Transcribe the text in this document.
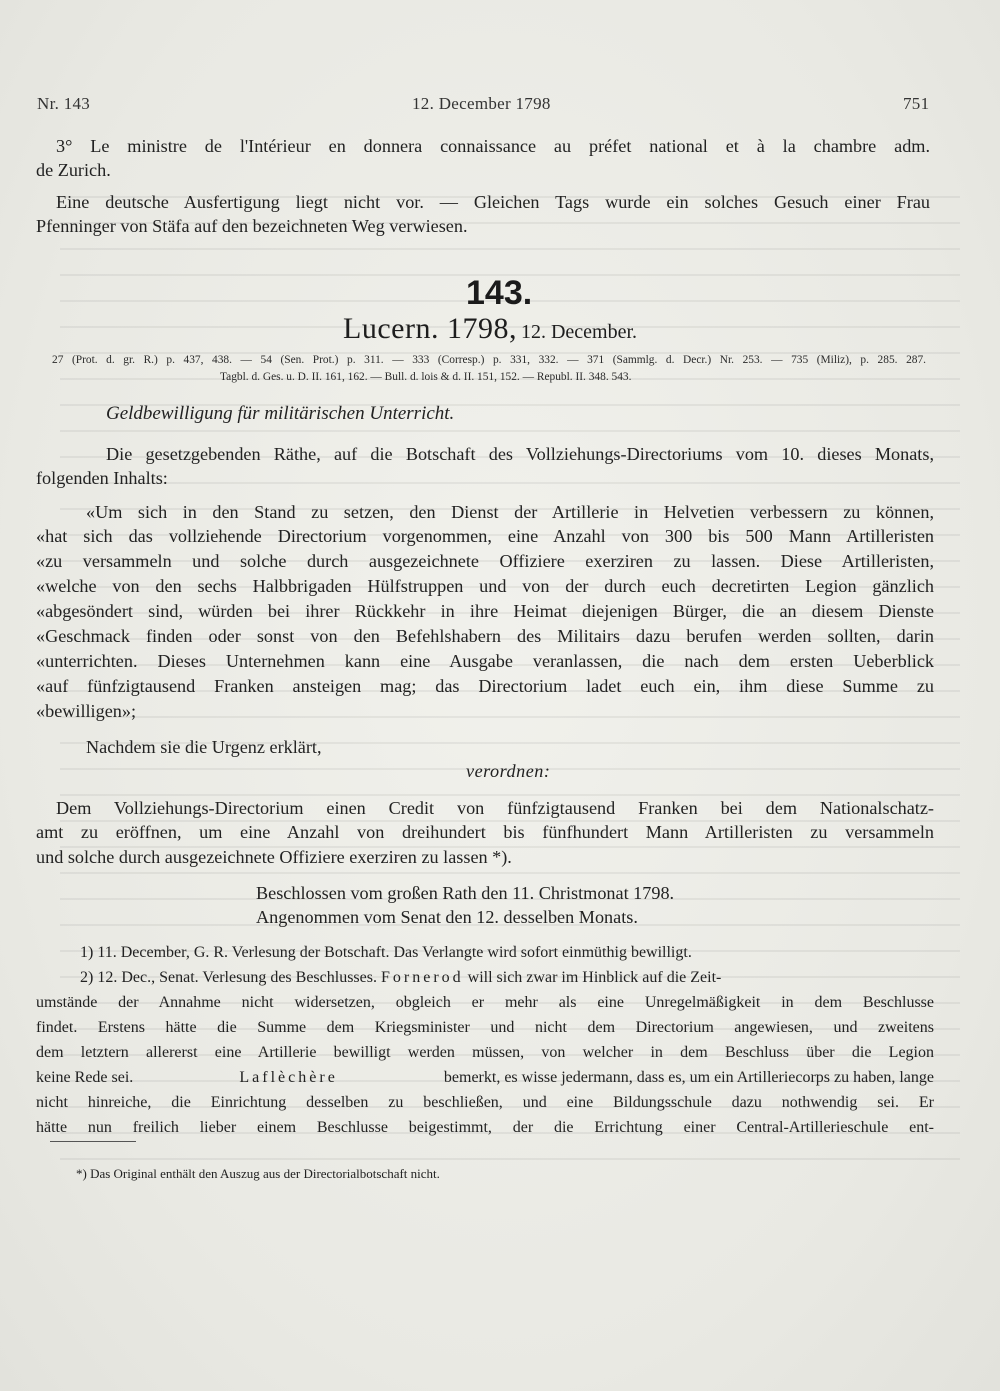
Nr. 143	12. December 1798	751
3° Le ministre de l'Intérieur en donnera connaissance au préfet national et à la chambre adm.
de Zurich.
Eine deutsche Ausfertigung liegt nicht vor. — Gleichen Tags wurde ein solches Gesuch einer Frau
Pfenninger von Stäfa auf den bezeichneten Weg verwiesen.
143.
Lucern. 1798, 12. December.
27 (Prot. d. gr. R.) p. 437, 438. — 54 (Sen. Prot.) p. 311. — 333 (Corresp.) p. 331, 332. — 371 (Sammlg. d. Decr.) Nr. 253. — 735 (Miliz), p. 285. 287.
Tagbl. d. Ges. u. D. II. 161, 162. — Bull. d. lois & d. II. 151, 152. — Republ. II. 348. 543.
Geldbewilligung für militärischen Unterricht.
Die gesetzgebenden Räthe, auf die Botschaft des Vollziehungs-Directoriums vom 10. dieses Monats,
folgenden Inhalts:
«Um sich in den Stand zu setzen, den Dienst der Artillerie in Helvetien verbessern zu können,
«hat sich das vollziehende Directorium vorgenommen, eine Anzahl von 300 bis 500 Mann Artilleristen
«zu versammeln und solche durch ausgezeichnete Offiziere exerziren zu lassen. Diese Artilleristen,
«welche von den sechs Halbbrigaden Hülfstruppen und von der durch euch decretirten Legion gänzlich
«abgesöndert sind, würden bei ihrer Rückkehr in ihre Heimat diejenigen Bürger, die an diesem Dienste
«Geschmack finden oder sonst von den Befehlshabern des Militairs dazu berufen werden sollten, darin
«unterrichten. Dieses Unternehmen kann eine Ausgabe veranlassen, die nach dem ersten Ueberblick
«auf fünfzigtausend Franken ansteigen mag; das Directorium ladet euch ein, ihm diese Summe zu
«bewilligen»;
Nachdem sie die Urgenz erklärt,
verordnen:
Dem Vollziehungs-Directorium einen Credit von fünfzigtausend Franken bei dem Nationalschatz-
amt zu eröffnen, um eine Anzahl von dreihundert bis fünfhundert Mann Artilleristen zu versammeln
und solche durch ausgezeichnete Offiziere exerziren zu lassen *).
Beschlossen vom großen Rath den 11. Christmonat 1798.
Angenommen vom Senat den 12. desselben Monats.
1) 11. December, G. R. Verlesung der Botschaft. Das Verlangte wird sofort einmüthig bewilligt.
2) 12. Dec., Senat. Verlesung des Beschlusses. Fornerod will sich zwar im Hinblick auf die Zeit-
umstände der Annahme nicht widersetzen, obgleich er mehr als eine Unregelmäßigkeit in dem Beschlusse
findet. Erstens hätte die Summe dem Kriegsminister und nicht dem Directorium angewiesen, und zweitens
dem letztern allererst eine Artillerie bewilligt werden müssen, von welcher in dem Beschluss über die Legion
keine Rede sei.	Laflèchère	bemerkt, es wisse jedermann, dass es, um ein Artilleriecorps zu haben, lange
nicht hinreiche, die Einrichtung desselben zu beschließen, und eine Bildungsschule dazu nothwendig sei. Er
hätte nun freilich lieber einem Beschlusse beigestimmt, der die Errichtung einer Central-Artillerieschule ent-
*) Das Original enthält den Auszug aus der Directorialbotschaft nicht.
